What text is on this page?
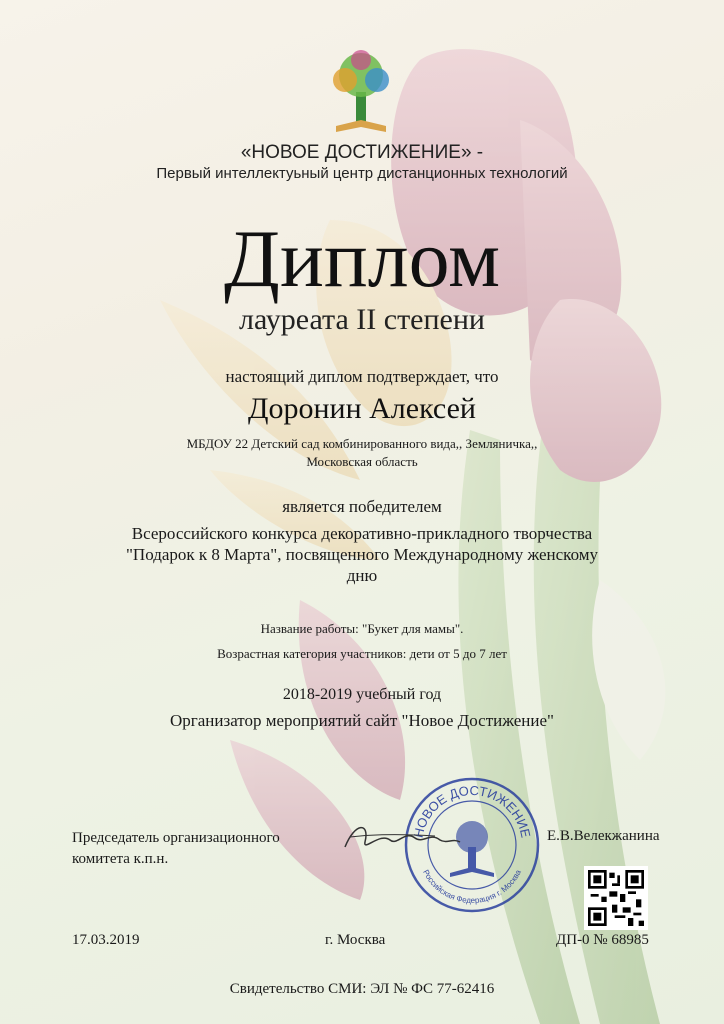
«НОВОЕ ДОСТИЖЕНИЕ» -
Первый интеллектуьный центр дистанционных технологий
Диплом
лауреата II степени
настоящий диплом подтверждает, что
Доронин Алексей
МБДОУ 22 Детский сад комбинированного вида,, Земляничка,,
Московская область
является победителем
Всероссийского конкурса декоративно-прикладного творчества "Подарок к 8 Марта", посвященного Международному женскому дню
Название работы: "Букет для мамы".
Возрастная категория участников: дети от 5 до 7 лет
2018-2019 учебный год
Организатор мероприятий сайт "Новое Достижение"
НОВОЕ ДОСТИЖЕНИЕ
Российская Федерация г. Москва
Председатель организационного комитета к.п.н.
Е.В.Велекжанина
17.03.2019	г. Москва	ДП-0 № 68985
Свидетельство СМИ: ЭЛ № ФС 77-62416
